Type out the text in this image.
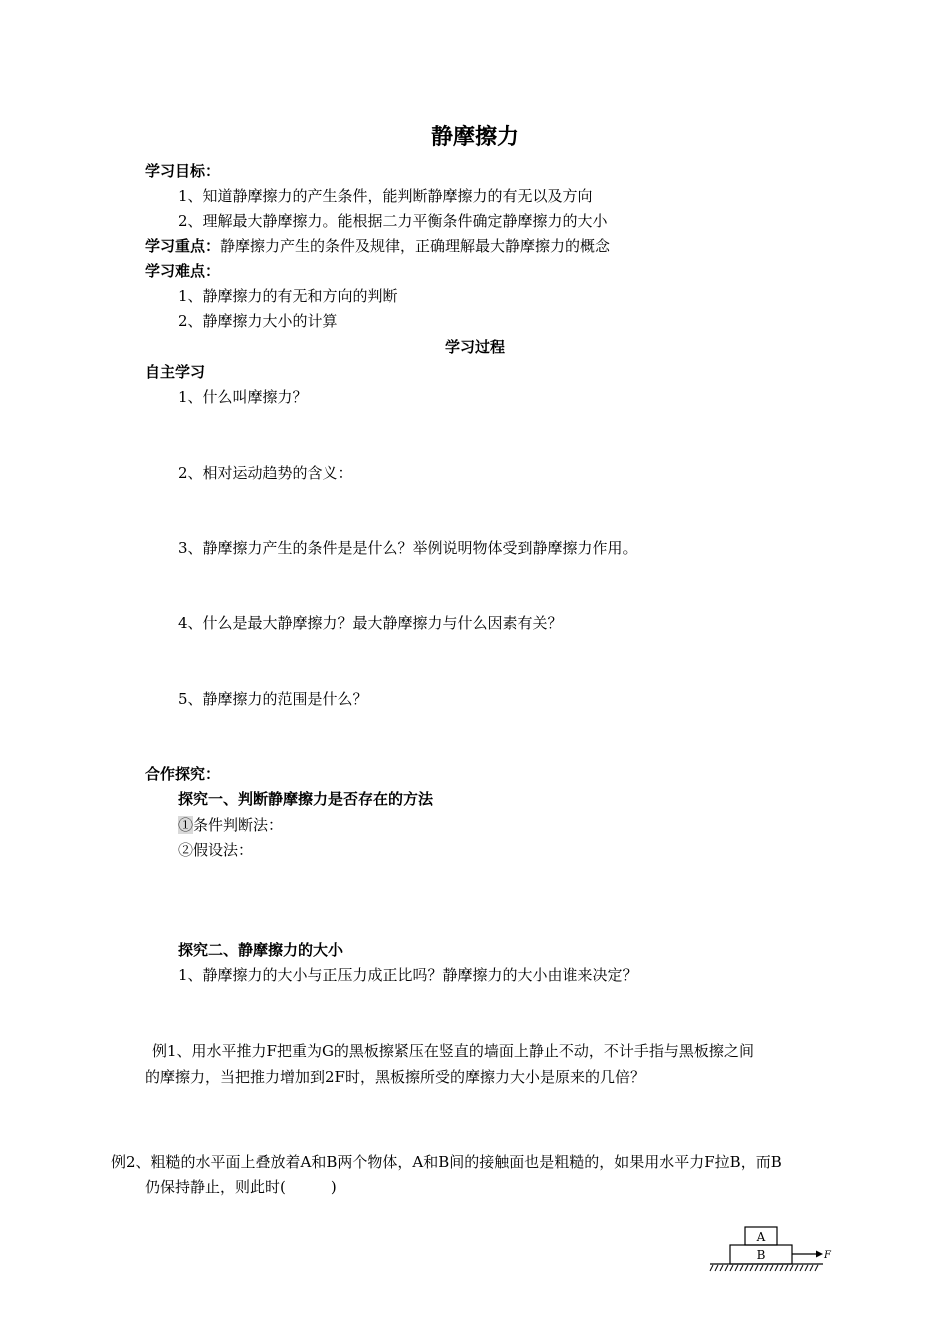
静摩擦力
学习目标：
1、知道静摩擦力的产生条件，能判断静摩擦力的有无以及方向
2、理解最大静摩擦力。能根据二力平衡条件确定静摩擦力的大小
学习重点：静摩擦力产生的条件及规律，正确理解最大静摩擦力的概念
学习难点：
1、静摩擦力的有无和方向的判断
2、静摩擦力大小的计算
学习过程
自主学习
1、什么叫摩擦力？
2、相对运动趋势的含义：
3、静摩擦力产生的条件是是什么？举例说明物体受到静摩擦力作用。
4、什么是最大静摩擦力？最大静摩擦力与什么因素有关？
5、静摩擦力的范围是什么？
合作探究：
探究一、判断静摩擦力是否存在的方法
①条件判断法：
②假设法：
探究二、静摩擦力的大小
1、静摩擦力的大小与正压力成正比吗？静摩擦力的大小由谁来决定？
例1、用水平推力F把重为G的黑板擦紧压在竖直的墙面上静止不动，不计手指与黑板擦之间
的摩擦力，当把推力增加到2F时，黑板擦所受的摩擦力大小是原来的几倍？
例2、粗糙的水平面上叠放着A和B两个物体，A和B间的接触面也是粗糙的，如果用水平力F拉B，而B
仍保持静止，则此时(　　　)
A
B	F
